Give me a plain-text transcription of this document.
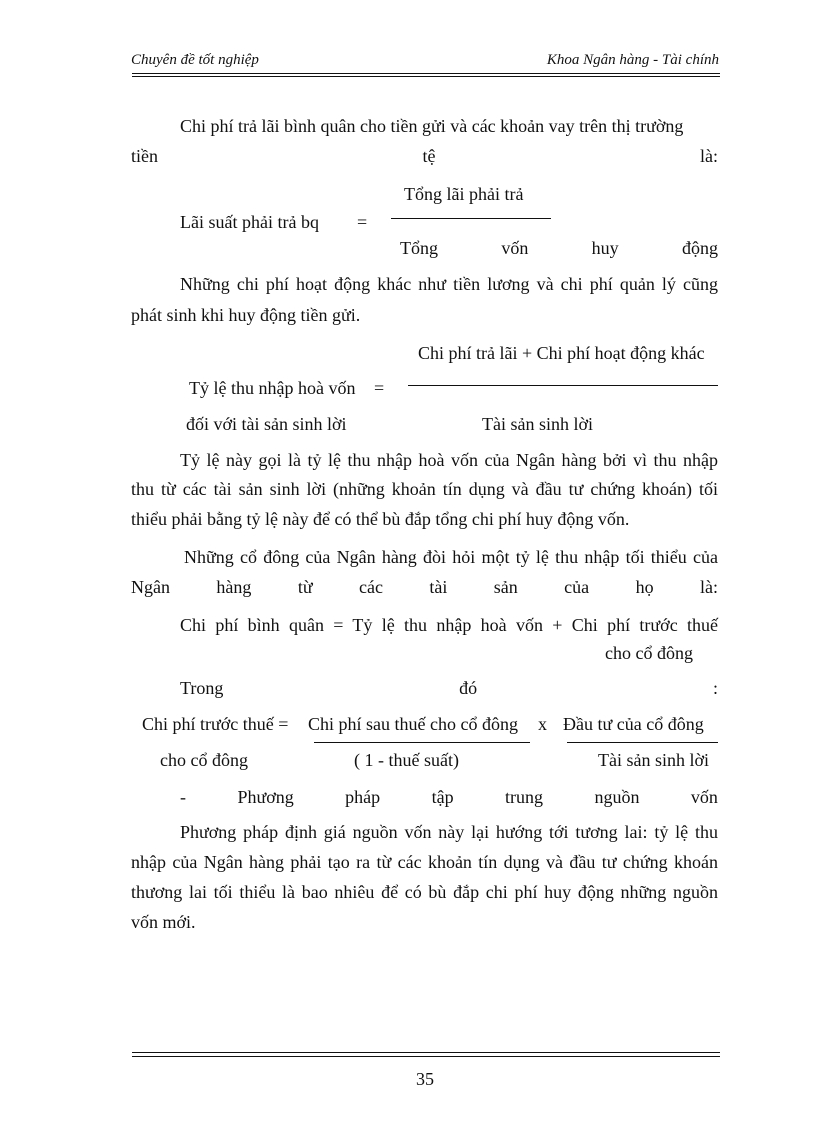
Chuyên đề tốt nghiệp	Khoa Ngân hàng - Tài chính
Chi phí trả lãi bình quân cho tiền gửi và các khoản vay trên thị trường
tiền	tệ	là:
Tổng lãi phải trả
Lãi suất phải trả bq =
Tổng	vốn	huy	động
Những chi phí hoạt động khác như tiền lương và chi phí quản lý cũng
phát sinh khi huy động tiền gửi.
Chi phí trả lãi + Chi phí hoạt động khác
Tỷ lệ thu nhập hoà vốn =
đối với tài sản sinh lời	Tài sản sinh lời
Tỷ lệ này gọi là tỷ lệ thu nhập hoà vốn của Ngân hàng bởi vì thu nhập
thu từ các tài sản sinh lời (những khoản tín dụng và đầu tư chứng khoán) tối
thiểu phải bằng tỷ lệ này để có thể bù đắp tổng chi phí huy động vốn.
Những cổ đông của Ngân hàng đòi hỏi một tỷ lệ thu nhập tối thiểu của
Ngân	hàng	từ	các	tài	sản	của	họ	là:
Chi phí bình quân = Tỷ lệ thu nhập hoà vốn + Chi phí trước thuế
cho cổ đông
Trong	đó	:
Chi phí trước thuế = Chi phí sau thuế cho cổ đông x Đầu tư của cổ đông
cho cổ đông	( 1 - thuế suất)	Tài sản sinh lời
-	Phương	pháp	tập	trung	nguồn	vốn
Phương pháp định giá nguồn vốn này lại hướng tới tương lai: tỷ lệ thu
nhập của Ngân hàng phải tạo ra từ các khoản tín dụng và đầu tư chứng khoán
thương lai tối thiểu là bao nhiêu để có bù đắp chi phí huy động những nguồn
vốn mới.
35
